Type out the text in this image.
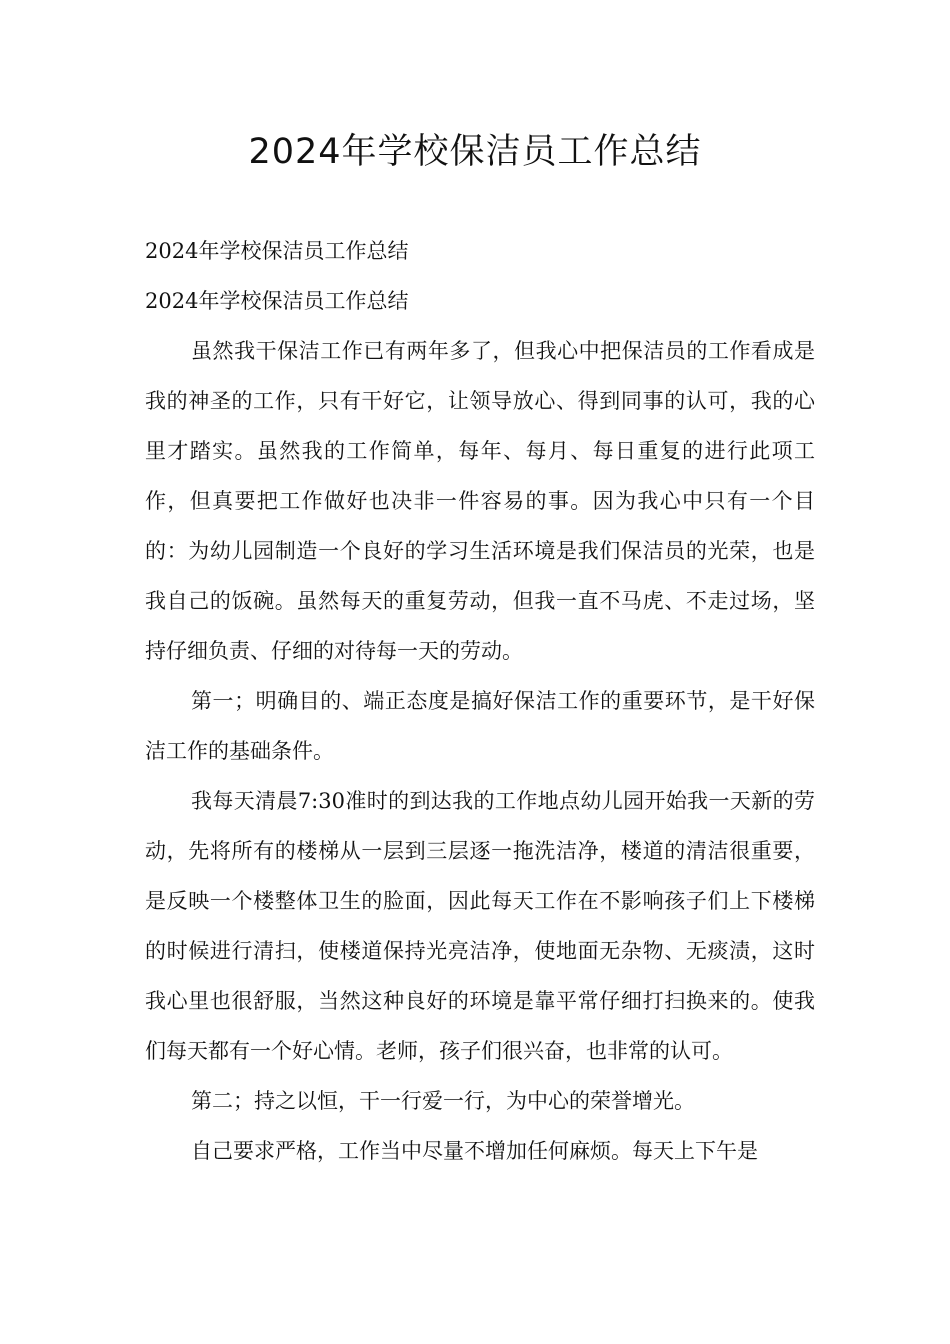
2024年学校保洁员工作总结

2024年学校保洁员工作总结

2024年学校保洁员工作总结

虽然我干保洁工作已有两年多了，但我心中把保洁员的工作看成是我的神圣的工作，只有干好它，让领导放心、得到同事的认可，我的心里才踏实。虽然我的工作简单，每年、每月、每日重复的进行此项工作，但真要把工作做好也决非一件容易的事。因为我心中只有一个目的：为幼儿园制造一个良好的学习生活环境是我们保洁员的光荣，也是我自己的饭碗。虽然每天的重复劳动，但我一直不马虎、不走过场，坚持仔细负责、仔细的对待每一天的劳动。

第一；明确目的、端正态度是搞好保洁工作的重要环节，是干好保洁工作的基础条件。

我每天清晨7:30准时的到达我的工作地点幼儿园开始我一天新的劳动，先将所有的楼梯从一层到三层逐一拖洗洁净，楼道的清洁很重要，是反映一个楼整体卫生的脸面，因此每天工作在不影响孩子们上下楼梯的时候进行清扫，使楼道保持光亮洁净，使地面无杂物、无痰渍，这时我心里也很舒服，当然这种良好的环境是靠平常仔细打扫换来的。使我们每天都有一个好心情。老师，孩子们很兴奋，也非常的认可。

第二；持之以恒，干一行爱一行，为中心的荣誉增光。

自己要求严格，工作当中尽量不增加任何麻烦。每天上下午是
